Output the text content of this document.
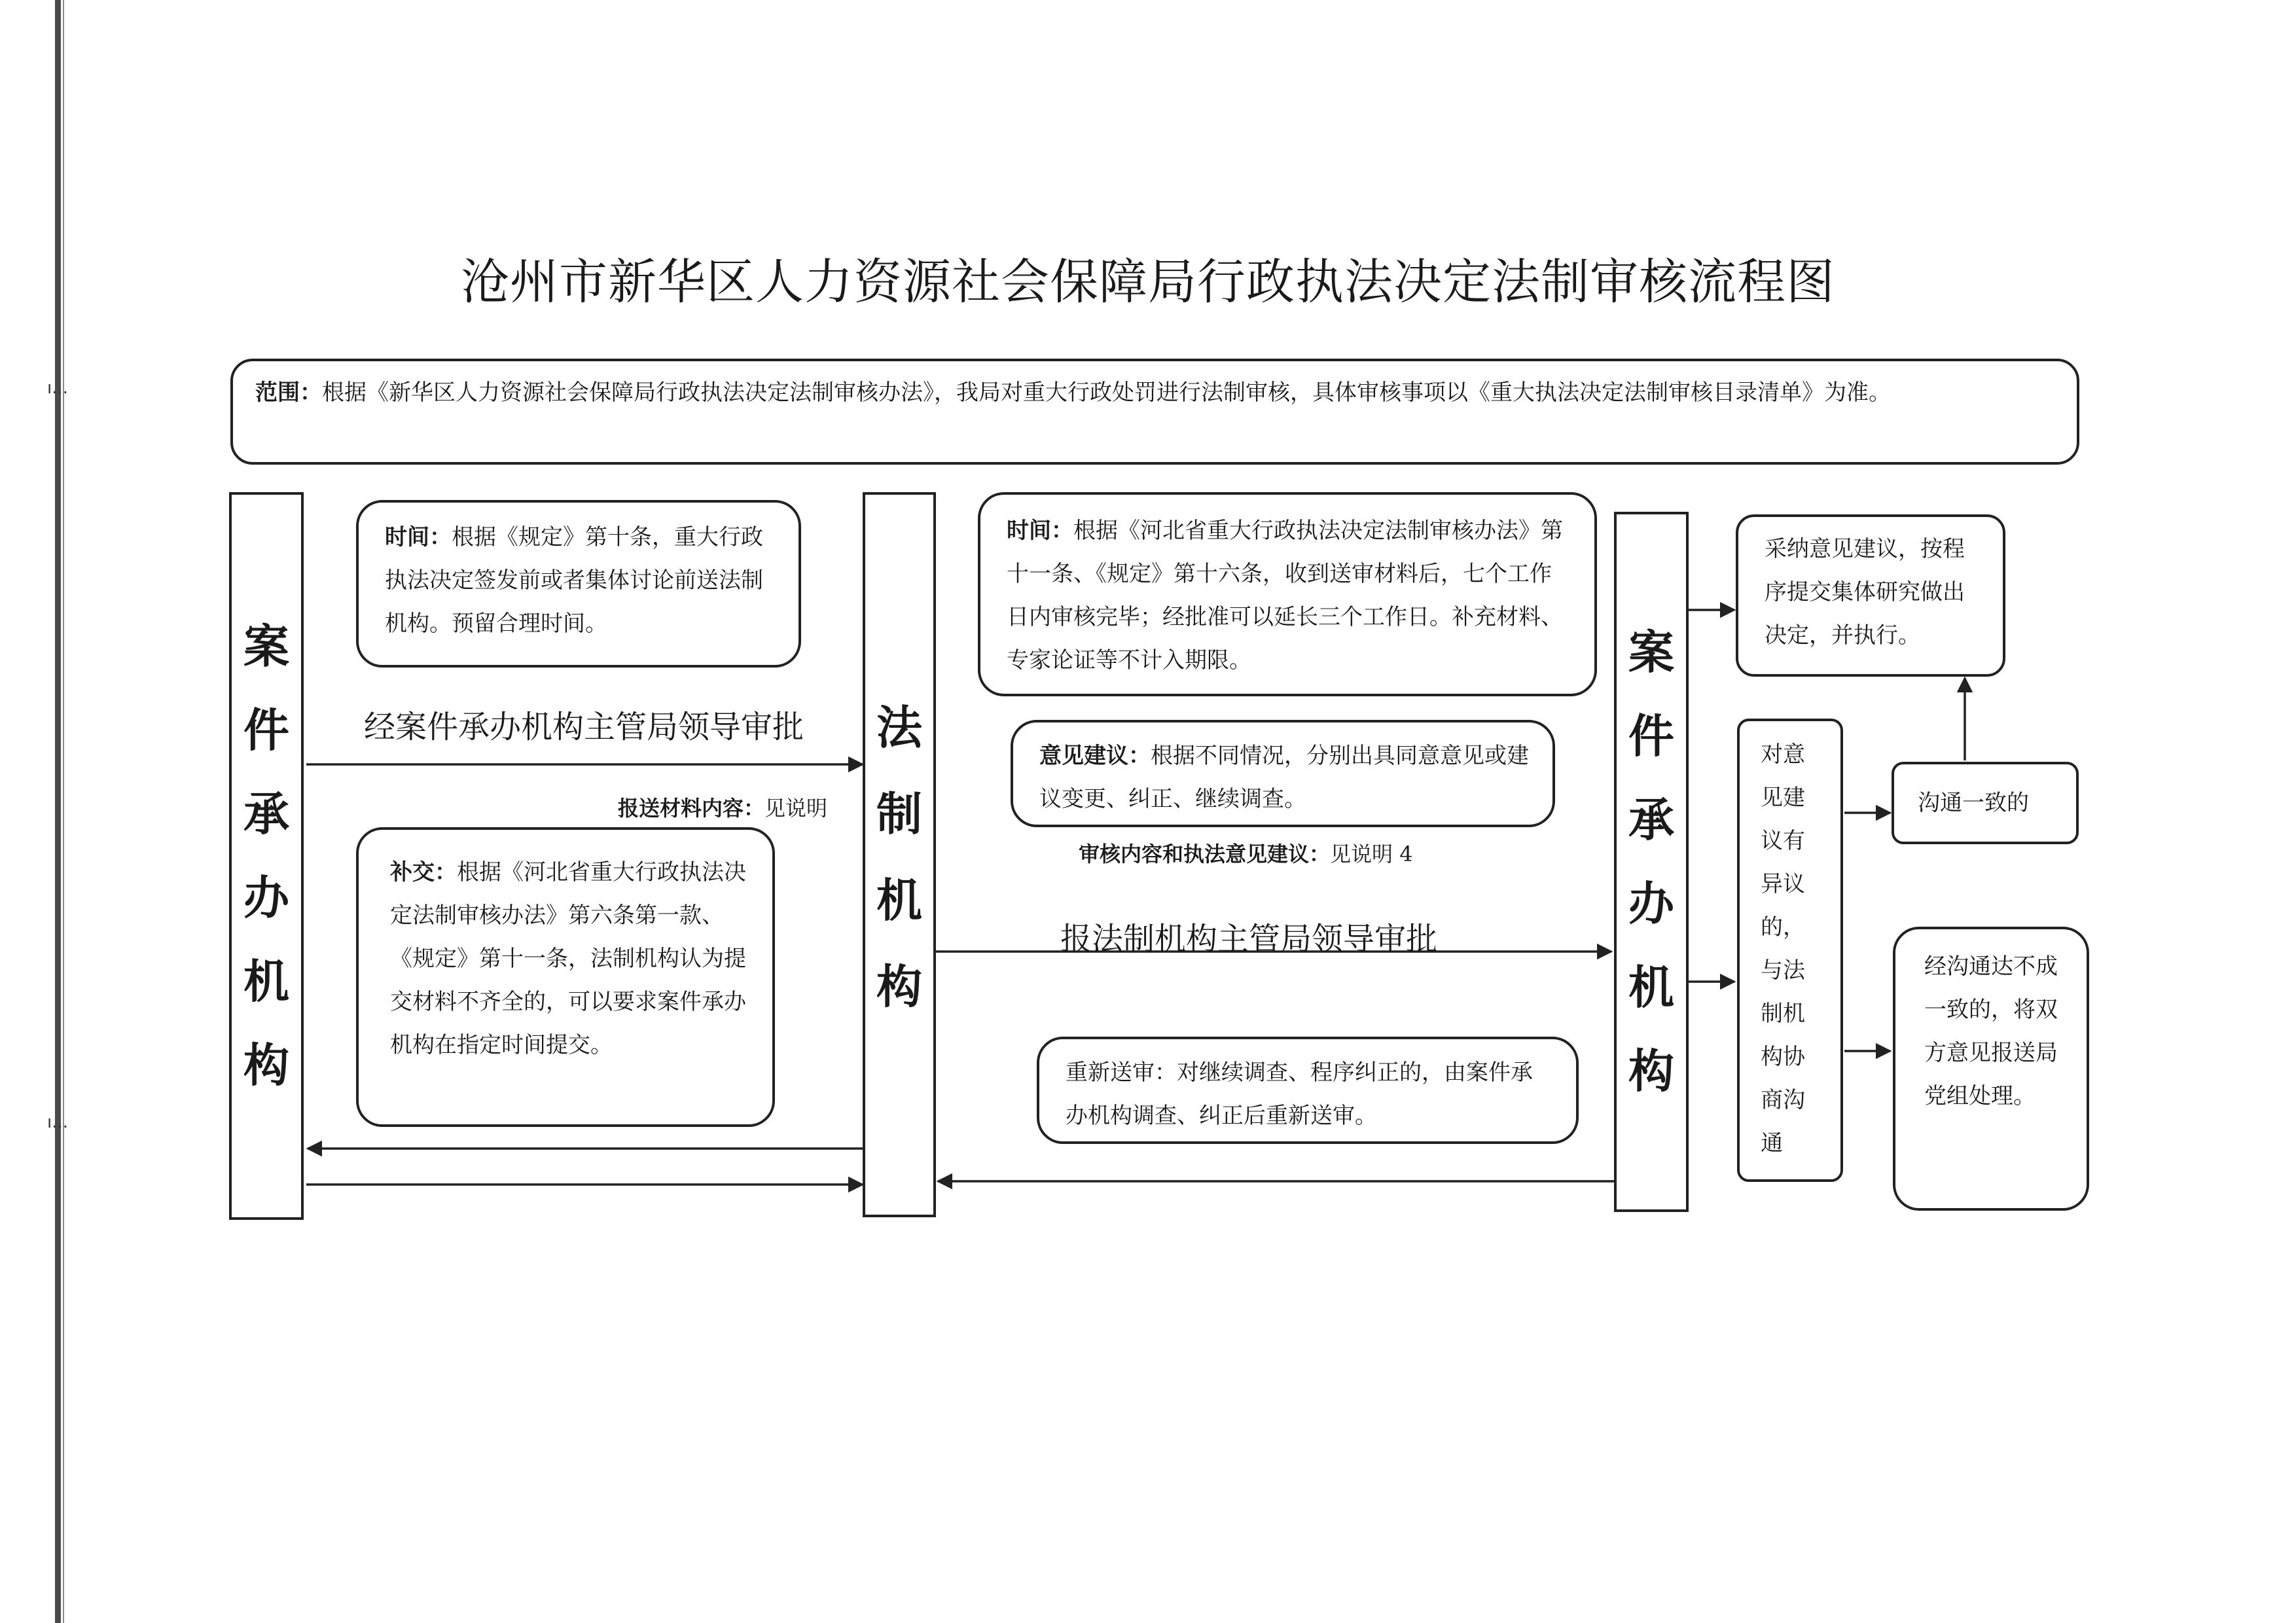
ı...
ı...
沧州市新华区人力资源社会保障局行政执法决定法制审核流程图
范围：根据《新华区人力资源社会保障局行政执法决定法制审核办法》，我局对重大行政处罚进行法制审核，具体审核事项以《重大执法决定法制审核目录清单》为准。
案
件
承
办
机
构
法
制
机
构
案
件
承
办
机
构
时间：根据《规定》第十条，重大行政执法决定签发前或者集体讨论前送法制机构。预留合理时间。
补交：根据《河北省重大行政执法决定法制审核办法》第六条第一款、《规定》第十一条，法制机构认为提交材料不齐全的，可以要求案件承办机构在指定时间提交。
时间：根据《河北省重大行政执法决定法制审核办法》第十一条、《规定》第十六条，收到送审材料后，七个工作日内审核完毕；经批准可以延长三个工作日。补充材料、专家论证等不计入期限。
意见建议：根据不同情况，分别出具同意意见或建议变更、纠正、继续调查。
重新送审：对继续调查、程序纠正的，由案件承办机构调查、纠正后重新送审。
采纳意见建议，按程序提交集体研究做出决定，并执行。
对意见建议有异议的，与法制机构协商沟通
沟通一致的
经沟通达不成一致的，将双方意见报送局党组处理。
经案件承办机构主管局领导审批
报送材料内容：见说明
审核内容和执法意见建议：见说明 4
报法制机构主管局领导审批
